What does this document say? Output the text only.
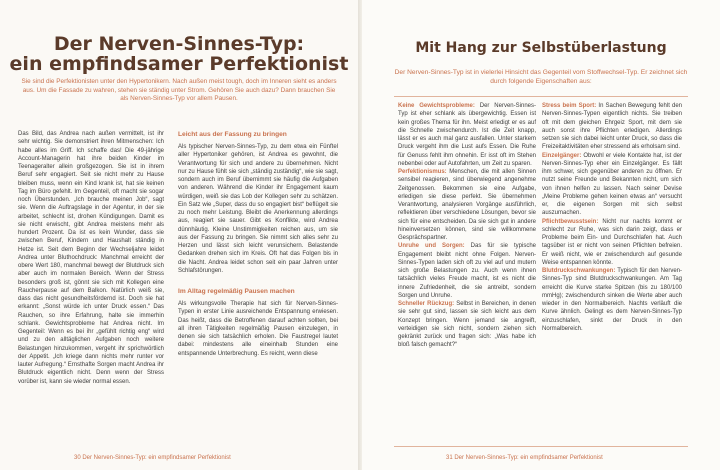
Der Nerven-Sinnes-Typ:
ein empfindsamer Perfektionist

Sie sind die Perfektionisten unter den Hypertonikern. Nach außen meist tough, doch im Inneren sieht es anders aus. Um die Fassade zu wahren, stehen sie ständig unter Strom. Gehören Sie auch dazu? Dann brauchen Sie als Nerven-Sinnes-Typ vor allem Pausen.

Das Bild, das Andrea nach außen vermittelt, ist ihr sehr wichtig. Sie demonstriert ihren Mitmenschen: Ich habe alles im Griff. Ich schaffe das! Die 49-jährige Account-Managerin hat ihre beiden Kinder im Teenageralter allein großgezogen. Sie ist in ihrem Beruf sehr engagiert. Seit sie nicht mehr zu Hause bleiben muss, wenn ein Kind krank ist, hat sie keinen Tag im Büro gefehlt. Im Gegenteil, oft macht sie sogar noch Überstunden. „Ich brauche meinen Job“, sagt sie. Wenn die Auftragslage in der Agentur, in der sie arbeitet, schlecht ist, drohen Kündigungen. Damit es sie nicht erwischt, gibt Andrea meistens mehr als hundert Prozent. Da ist es kein Wunder, dass sie zwischen Beruf, Kindern und Haushalt ständig in Hetze ist. Seit dem Beginn der Wechseljahre leidet Andrea unter Bluthochdruck: Manchmal erreicht der obere Wert 180, manchmal bewegt der Blutdruck sich aber auch im normalen Bereich. Wenn der Stress besonders groß ist, gönnt sie sich mit Kollegen eine Raucherpause auf dem Balkon. Natürlich weiß sie, dass das nicht gesundheitsfördernd ist. Doch sie hat erkannt: „Sonst würde ich unter Druck essen.“ Das Rauchen, so ihre Erfahrung, halte sie immerhin schlank. Gewichtsprobleme hat Andrea nicht. Im Gegenteil: Wenn es bei ihr „gefühlt richtig eng“ wird und zu den alltäglichen Aufgaben noch weitere Belastungen hinzukommen, vergeht ihr sprichwörtlich der Appetit. „Ich kriege dann nichts mehr runter vor lauter Aufregung.“ Ernsthafte Sorgen macht Andrea ihr Blutdruck eigentlich nicht. Denn wenn der Stress vorüber ist, kann sie wieder normal essen.

Leicht aus der Fassung zu bringen

Als typischer Nerven-Sinnes-Typ, zu dem etwa ein Fünftel aller Hypertoniker gehören, ist Andrea es gewohnt, die Verantwortung für sich und andere zu übernehmen. Nicht nur zu Hause fühlt sie sich „ständig zuständig“, wie sie sagt, sondern auch im Beruf übernimmt sie häufig die Aufgaben von anderen. Während die Kinder ihr Engagement kaum würdigen, weiß sie das Lob der Kollegen sehr zu schätzen. Ein Satz wie „Super, dass du so engagiert bist“ beflügelt sie zu noch mehr Leistung. Bleibt die Anerkennung allerdings aus, reagiert sie sauer. Gibt es Konflikte, wird Andrea dünnhäutig. Kleine Unstimmigkeiten reichen aus, um sie aus der Fassung zu bringen. Sie nimmt sich alles sehr zu Herzen und lässt sich leicht verunsichern. Belastende Gedanken drehen sich im Kreis. Oft hat das Folgen bis in die Nacht. Andrea leidet schon seit ein paar Jahren unter Schlafstörungen.

Im Alltag regelmäßig Pausen machen

Als wirkungsvolle Therapie hat sich für Nerven-Sinnes-Typen in erster Linie ausreichende Entspannung erwiesen. Das heißt, dass die Betroffenen darauf achten sollten, bei all ihren Tätigkeiten regelmäßig Pausen einzulegen, in denen sie sich tatsächlich erholen. Die Faustregel lautet dabei: mindestens alle eineinhalb Stunden eine entspannende Unterbrechung. Es reicht, wenn diese

30 Der Nerven-Sinnes-Typ: ein empfindsamer Perfektionist
Mit Hang zur Selbstüberlastung

Der Nerven-Sinnes-Typ ist in vielerlei Hinsicht das Gegenteil vom Stoffwechsel-Typ. Er zeichnet sich durch folgende Eigenschaften aus:

Keine Gewichtsprobleme: Der Nerven-Sinnes-Typ ist eher schlank als übergewichtig. Essen ist kein großes Thema für ihn. Meist erledigt er es auf die Schnelle zwischendurch. Ist die Zeit knapp, lässt er es auch mal ganz ausfallen. Unter starkem Druck vergeht ihm die Lust aufs Essen. Die Ruhe für Genuss fehlt ihm ohnehin. Er isst oft im Stehen nebenbei oder auf Autofahrten, um Zeit zu sparen.

Perfektionismus: Menschen, die mit allen Sinnen sensibel reagieren, sind überwiegend angenehme Zeitgenossen. Bekommen sie eine Aufgabe, erledigen sie diese perfekt. Sie übernehmen Verantwortung, analysieren Vorgänge ausführlich, reflektieren über verschiedene Lösungen, bevor sie sich für eine entscheiden. Da sie sich gut in andere hineinversetzen können, sind sie willkommene Gesprächspartner.

Unruhe und Sorgen: Das für sie typische Engagement bleibt nicht ohne Folgen. Nerven-Sinnes-Typen laden sich oft zu viel auf und mutern sich große Belastungen zu. Auch wenn ihnen tatsächlich vieles Freude macht, ist es nicht die innere Zufriedenheit, die sie antreibt, sondern Sorgen und Unruhe.

Schneller Rückzug: Selbst in Bereichen, in denen sie sehr gut sind, lassen sie sich leicht aus dem Konzept bringen. Wenn jemand sie angreift, verteidigen sie sich nicht, sondern ziehen sich gekränkt zurück und fragen sich: „Was habe ich bloß falsch gemacht?“

Stress beim Sport: In Sachen Bewegung fehlt den Nerven-Sinnes-Typen eigentlich nichts. Sie treiben oft mit dem gleichen Ehrgeiz Sport, mit dem sie auch sonst ihre Pflichten erledigen. Allerdings setzen sie sich dabei leicht unter Druck, so dass die Freizeitaktivitäten eher stressend als erholsam sind.

Einzelgänger: Obwohl er viele Kontakte hat, ist der Nerven-Sinnes-Typ eher ein Einzelgänger. Es fällt ihm schwer, sich gegenüber anderen zu öffnen. Er nutzt seine Freunde und Bekannten nicht, um sich von ihnen helfen zu lassen. Nach seiner Devise „Meine Probleme gehen keinen etwas an“ versucht er, die eigenen Sorgen mit sich selbst auszumachen.

Pflichtbewusstsein: Nicht nur nachts kommt er schlecht zur Ruhe, was sich darin zeigt, dass er Probleme beim Ein- und Durchschlafen hat. Auch tagsüber ist er nicht von seinen Pflichten befreien. Er weiß nicht, wie er zwischendurch auf gesunde Weise entspannen könnte.

Blutdruckschwankungen: Typisch für den Nerven-Sinnes-Typ sind Blutdruckschwankungen. Am Tag erreicht die Kurve starke Spitzen (bis zu 180/100 mmHg); zwischendurch sinken die Werte aber auch wieder in den Normalbereich. Nachts verläuft die Kurve ähnlich. Gelingt es dem Nerven-Sinnes-Typ einzuschlafen, sinkt der Druck in den Normalbereich.

31 Der Nerven-Sinnes-Typ: ein empfindsamer Perfektionist
